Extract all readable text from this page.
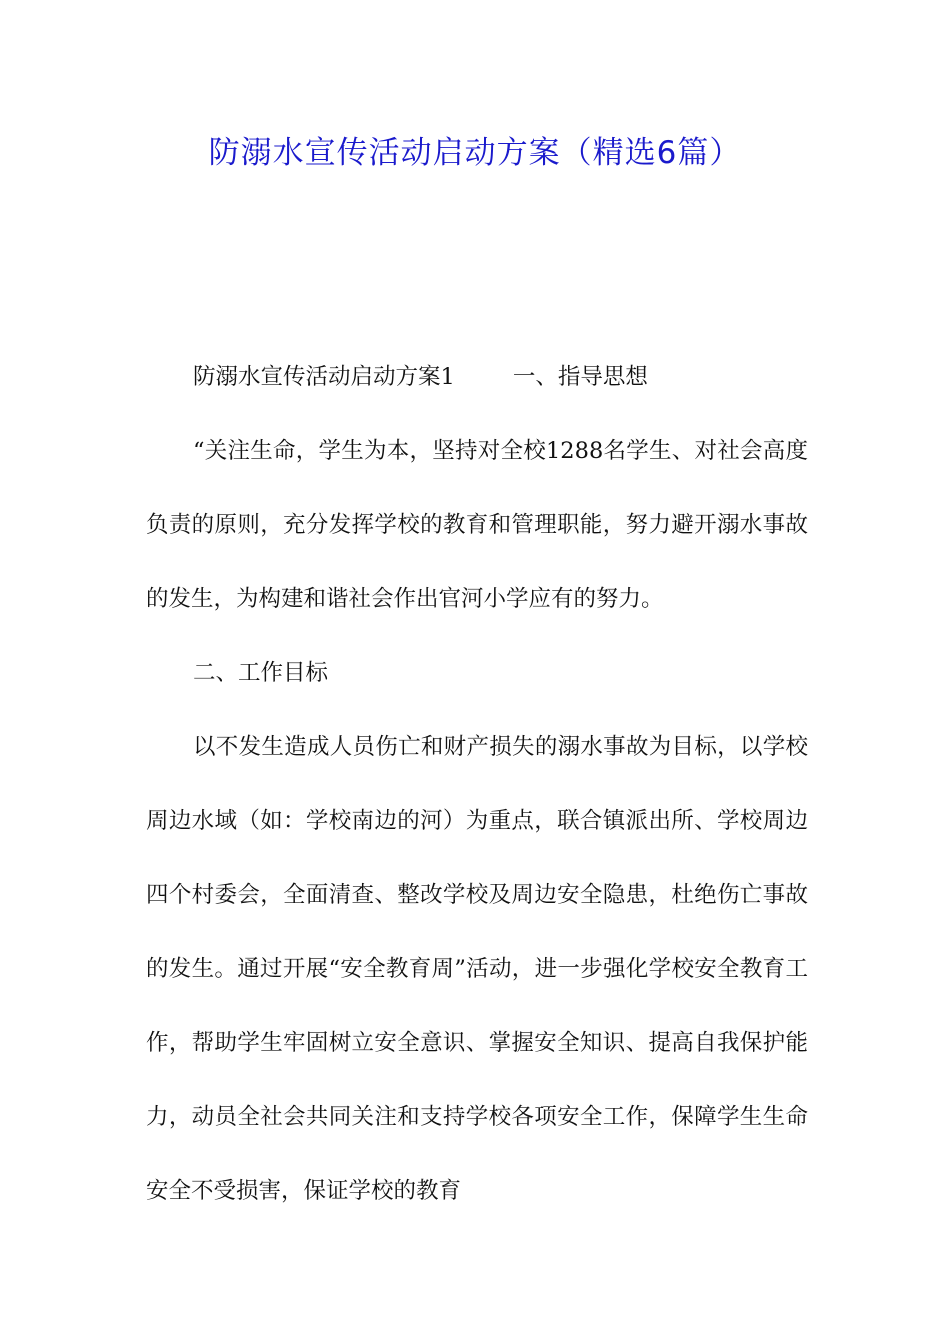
防溺水宣传活动启动方案（精选6篇）

防溺水宣传活动启动方案1	一、指导思想

“关注生命，学生为本，坚持对全校1288名学生、对社会高度负责的原则，充分发挥学校的教育和管理职能，努力避开溺水事故的发生，为构建和谐社会作出官河小学应有的努力。

二、工作目标

以不发生造成人员伤亡和财产损失的溺水事故为目标，以学校周边水域（如：学校南边的河）为重点，联合镇派出所、学校周边四个村委会，全面清查、整改学校及周边安全隐患，杜绝伤亡事故的发生。通过开展“安全教育周”活动，进一步强化学校安全教育工作，帮助学生牢固树立安全意识、掌握安全知识、提高自我保护能力，动员全社会共同关注和支持学校各项安全工作，保障学生生命安全不受损害，保证学校的教育
